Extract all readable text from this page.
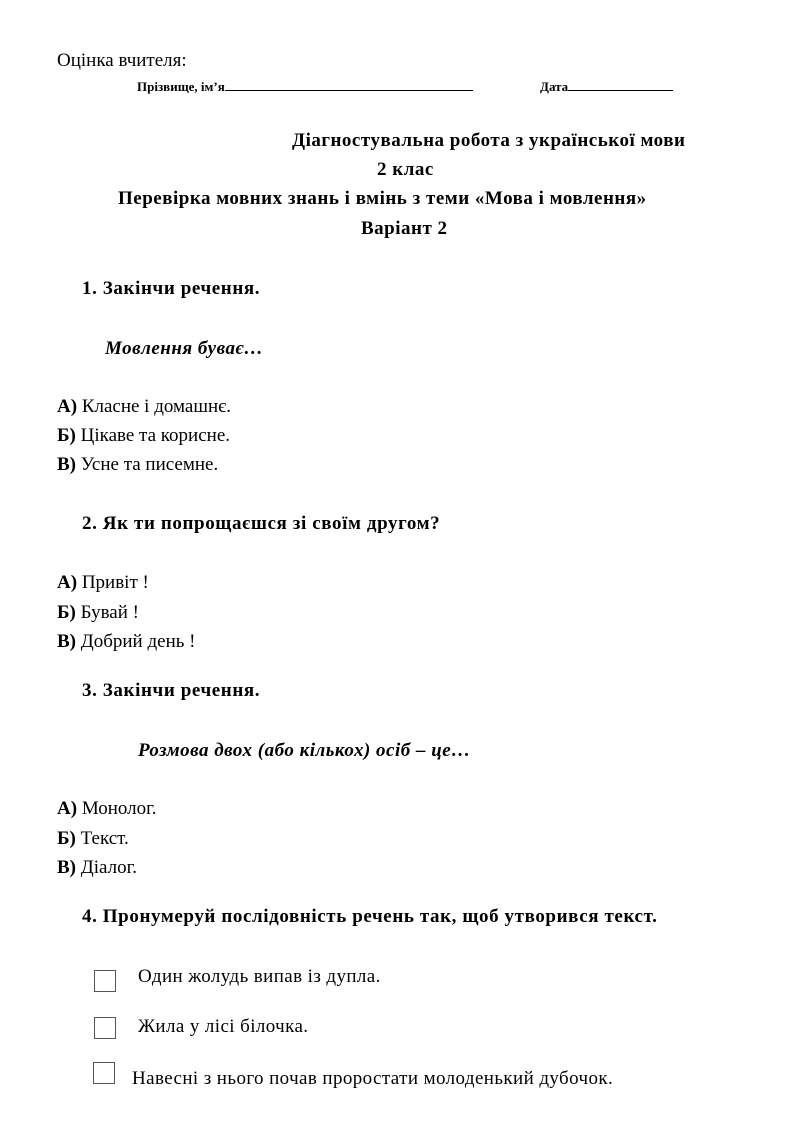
Оцінка вчителя:
Прізвище, ім’я	Дата
Діагностувальна робота з української мови
2 клас
Перевірка мовних знань і вмінь з теми «Мова і мовлення»
Варіант 2
1. Закінчи речення.
Мовлення буває…
А) Класне і домашнє.
Б) Цікаве та корисне.
В) Усне та писемне.
2. Як ти попрощаєшся зі своїм другом?
А) Привіт !
Б) Бувай !
В) Добрий день !
3. Закінчи речення.
Розмова двох (або кількох) осіб – це…
А) Монолог.
Б) Текст.
В) Діалог.
4. Пронумеруй послідовність речень так, щоб утворився текст.
Один жолудь випав із дупла.
Жила у лісі білочка.
Навесні з нього почав проростати молоденький дубочок.
